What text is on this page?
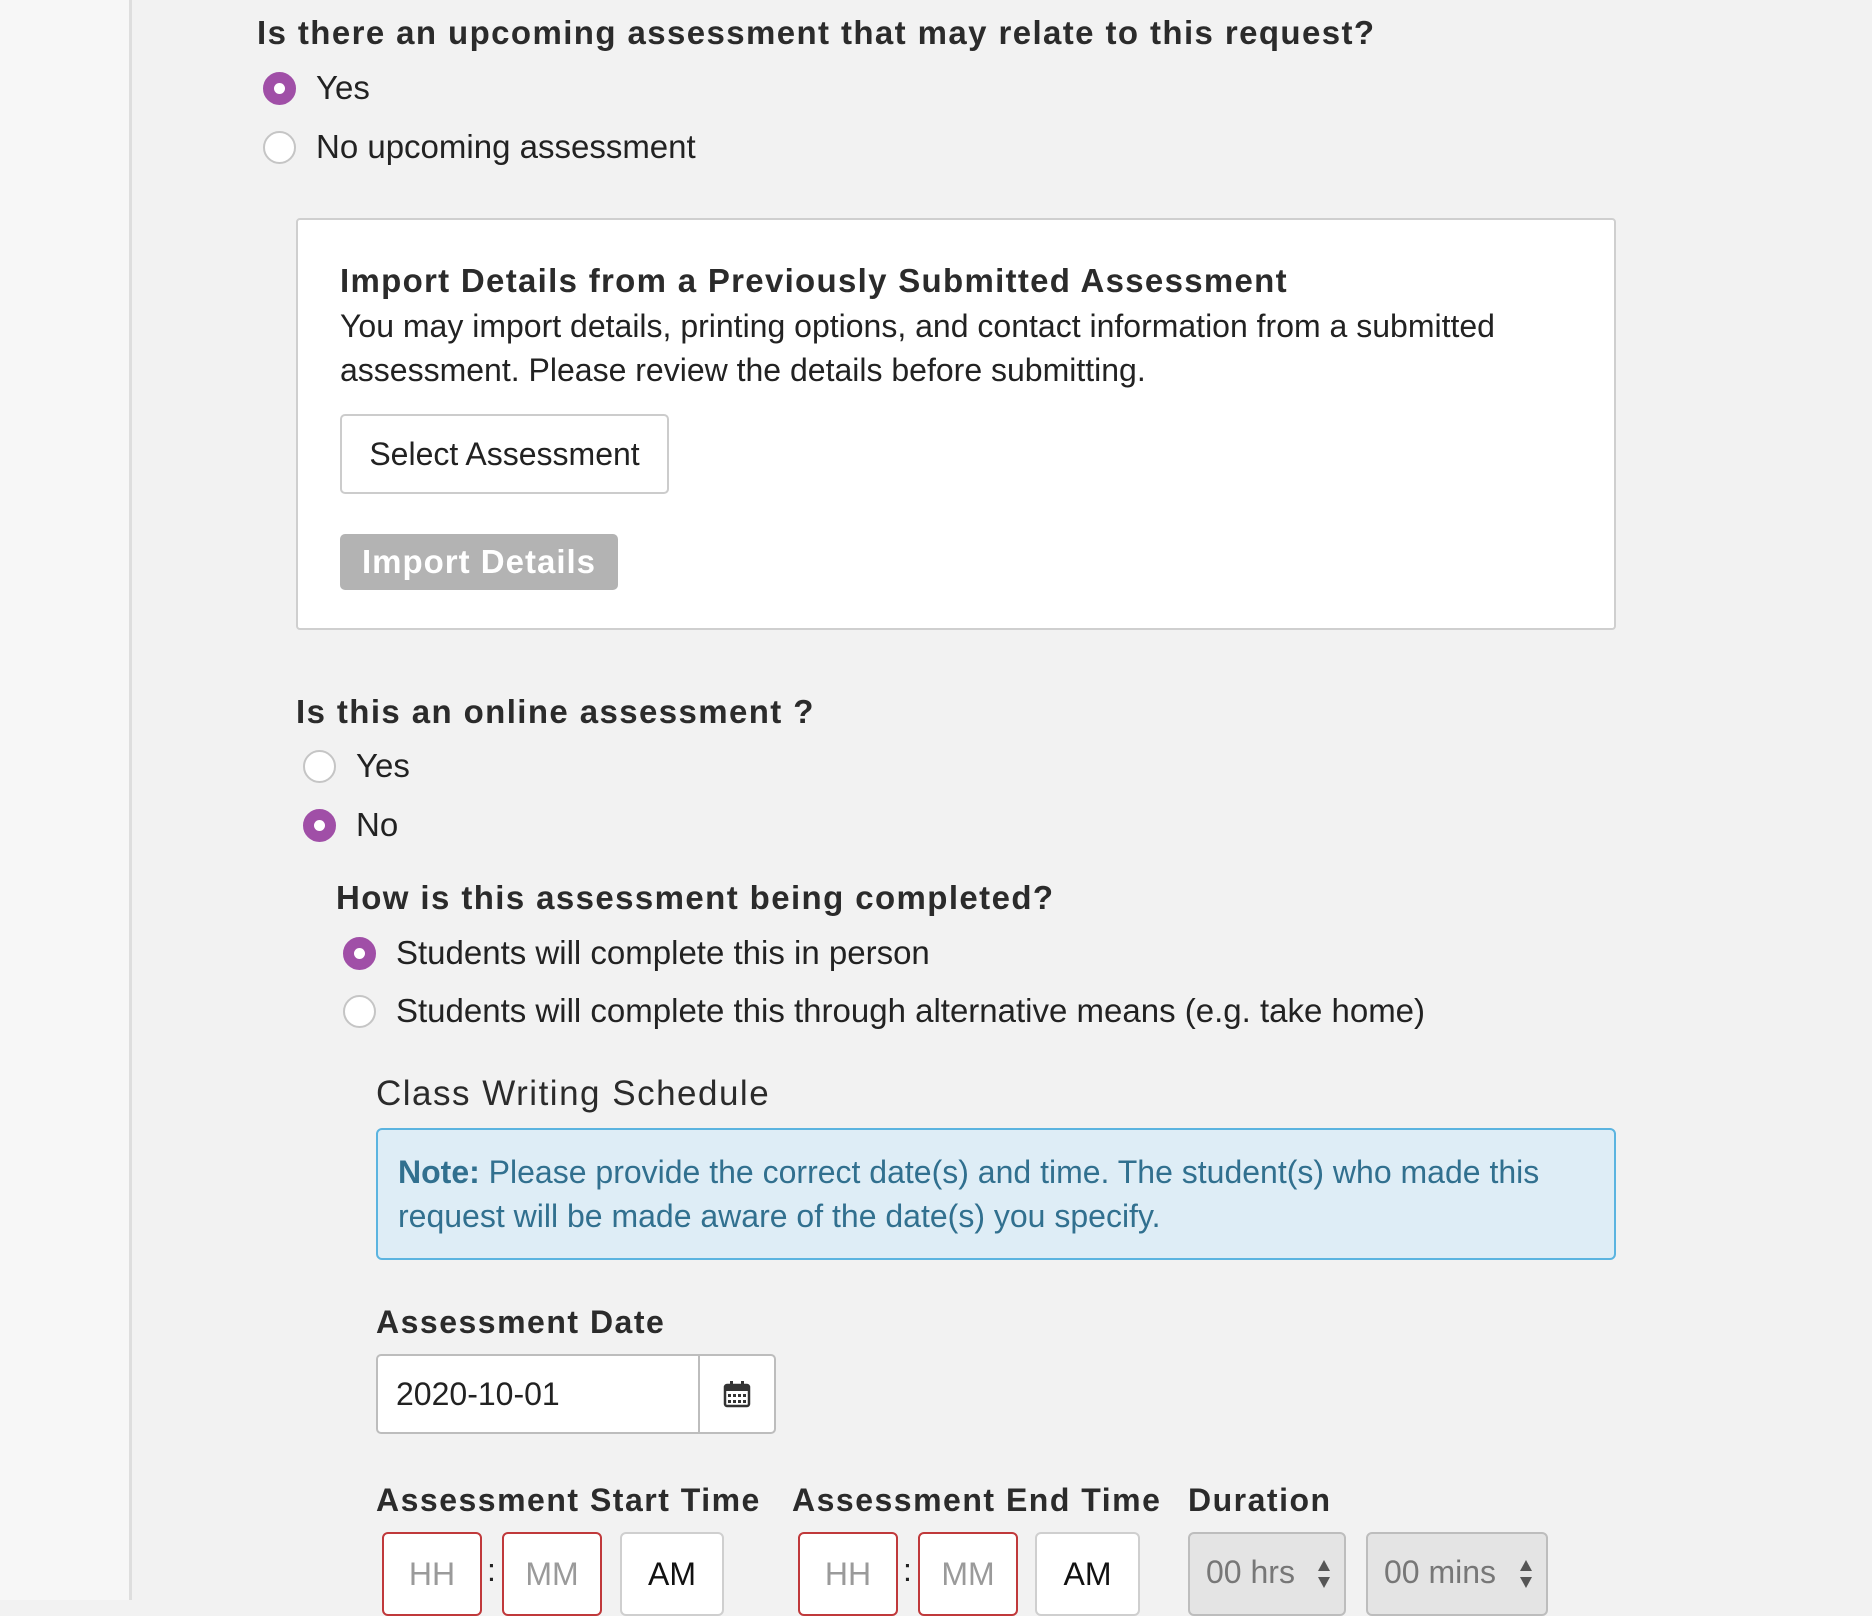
Is there an upcoming assessment that may relate to this request?
Yes
No upcoming assessment
Import Details from a Previously Submitted Assessment
You may import details, printing options, and contact information from a submitted assessment. Please review the details before submitting.
Select Assessment
Import Details
Is this an online assessment ?
Yes
No
How is this assessment being completed?
Students will complete this in person
Students will complete this through alternative means (e.g. take home)
Class Writing Schedule
Note: Please provide the correct date(s) and time. The student(s) who made this request will be made aware of the date(s) you specify.
Assessment Date
2020-10-01
Assessment Start Time Assessment End Time Duration
HH : MM	AM	HH : MM	AM	00 hrs	00 mins
